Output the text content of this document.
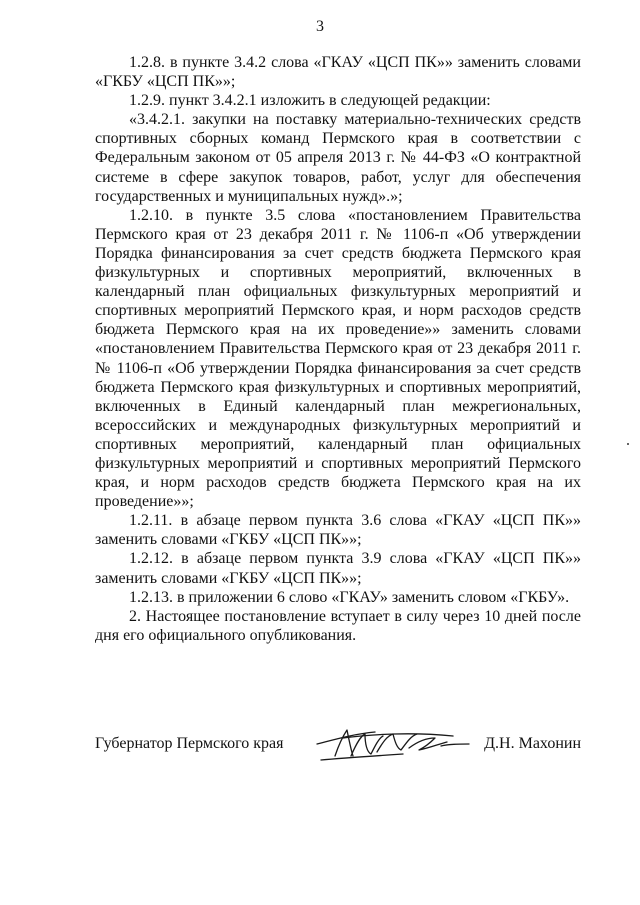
3

1.2.8. в пункте 3.4.2 слова «ГКАУ «ЦСП ПК»» заменить словами «ГКБУ «ЦСП ПК»»;

1.2.9. пункт 3.4.2.1 изложить в следующей редакции:

«3.4.2.1. закупки на поставку материально-технических средств спортивных сборных команд Пермского края в соответствии с Федеральным законом от 05 апреля 2013 г. № 44-ФЗ «О контрактной системе в сфере закупок товаров, работ, услуг для обеспечения государственных и муниципальных нужд».»;

1.2.10. в пункте 3.5 слова «постановлением Правительства Пермского края от 23 декабря 2011 г. № 1106-п «Об утверждении Порядка финансирования за счет средств бюджета Пермского края физкультурных и спортивных мероприятий, включенных в календарный план официальных физкультурных мероприятий и спортивных мероприятий Пермского края, и норм расходов средств бюджета Пермского края на их проведение»» заменить словами «постановлением Правительства Пермского края от 23 декабря 2011 г. № 1106-п «Об утверждении Порядка финансирования за счет средств бюджета Пермского края физкультурных и спортивных мероприятий, включенных в Единый календарный план межрегиональных, всероссийских и международных физкультурных мероприятий и спортивных мероприятий, календарный план официальных физкультурных мероприятий и спортивных мероприятий Пермского края, и норм расходов средств бюджета Пермского края на их проведение»»;

1.2.11. в абзаце первом пункта 3.6 слова «ГКАУ «ЦСП ПК»» заменить словами «ГКБУ «ЦСП ПК»»;

1.2.12. в абзаце первом пункта 3.9 слова «ГКАУ «ЦСП ПК»» заменить словами «ГКБУ «ЦСП ПК»»;

1.2.13. в приложении 6 слово «ГКАУ» заменить словом «ГКБУ».

2. Настоящее постановление вступает в силу через 10 дней после дня его официального опубликования.

Губернатор Пермского края	Д.Н. Махонин
